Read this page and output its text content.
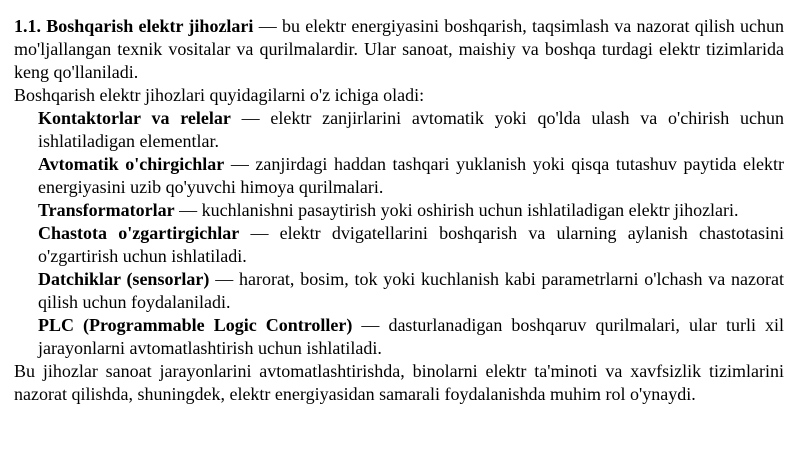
1.1. Boshqarish elektr jihozlari — bu elektr energiyasini boshqarish, taqsimlash va nazorat qilish uchun mo'ljallangan texnik vositalar va qurilmalardir. Ular sanoat, maishiy va boshqa turdagi elektr tizimlarida keng qo'llaniladi.

Boshqarish elektr jihozlari quyidagilarni o'z ichiga oladi:

Kontaktorlar va relelar — elektr zanjirlarini avtomatik yoki qo'lda ulash va o'chirish uchun ishlatiladigan elementlar.
Avtomatik o'chirgichlar — zanjirdagi haddan tashqari yuklanish yoki qisqa tutashuv paytida elektr energiyasini uzib qo'yuvchi himoya qurilmalari.
Transformatorlar — kuchlanishni pasaytirish yoki oshirish uchun ishlatiladigan elektr jihozlari.
Chastota o'zgartirgichlar — elektr dvigatellarini boshqarish va ularning aylanish chastotasini o'zgartirish uchun ishlatiladi.
Datchiklar (sensorlar) — harorat, bosim, tok yoki kuchlanish kabi parametrlarni o'lchash va nazorat qilish uchun foydalaniladi.
PLC (Programmable Logic Controller) — dasturlanadigan boshqaruv qurilmalari, ular turli xil jarayonlarni avtomatlashtirish uchun ishlatiladi.

Bu jihozlar sanoat jarayonlarini avtomatlashtirishda, binolarni elektr ta'minoti va xavfsizlik tizimlarini nazorat qilishda, shuningdek, elektr energiyasidan samarali foydalanishda muhim rol o'ynaydi.
